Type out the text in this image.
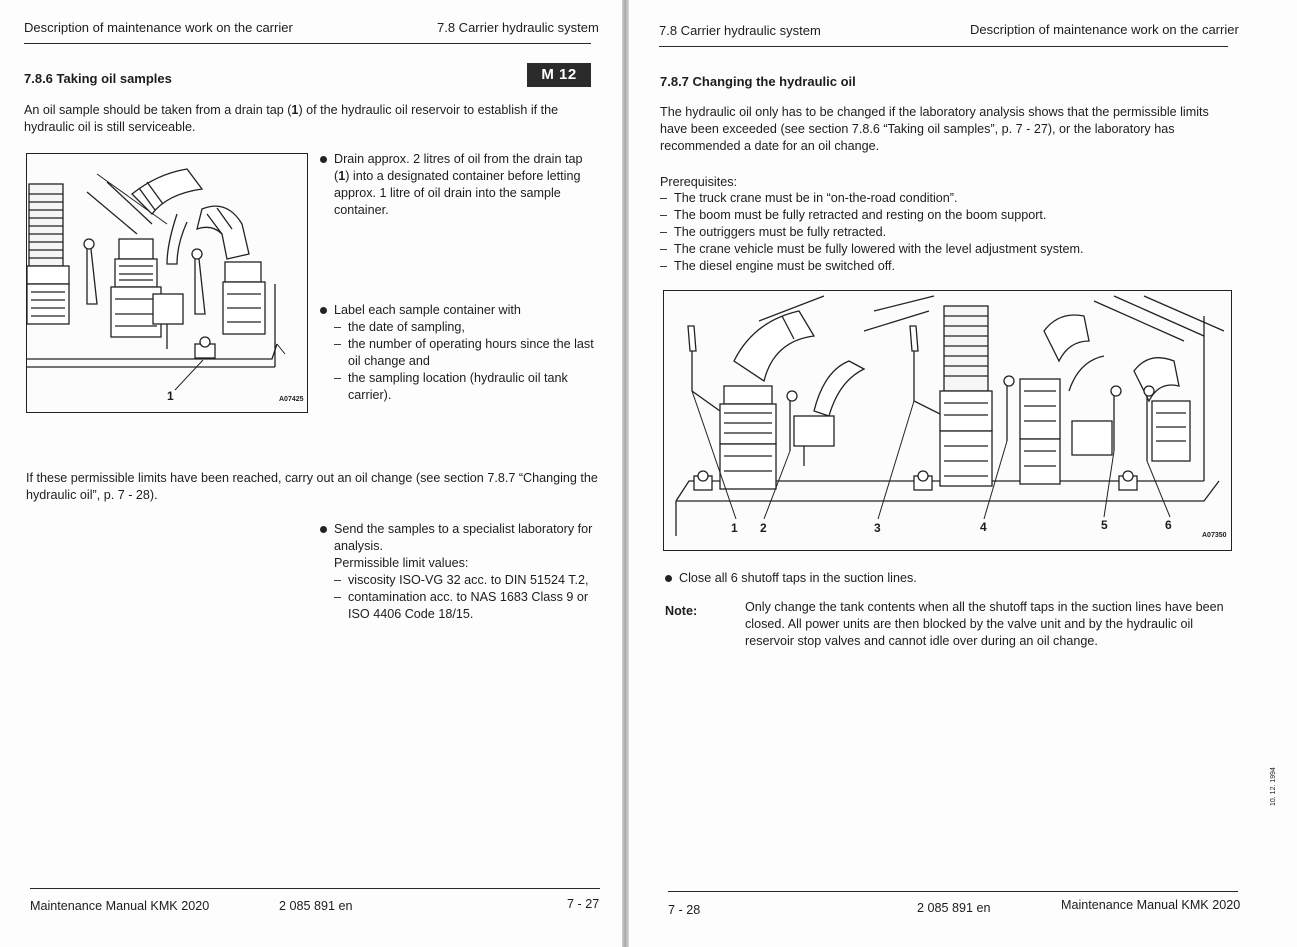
Description of maintenance work on the carrier	7.8 Carrier hydraulic system
7.8.6 Taking oil samples	M 12
An oil sample should be taken from a drain tap (1) of the hydraulic oil reservoir to establish if the hydraulic oil is still serviceable.
1	A07425
Drain approx. 2 litres of oil from the drain tap (1) into a designated container before letting approx. 1 litre of oil drain into the sample container.
Label each sample container with
– the date of sampling,
– the number of operating hours since the last oil change and
– the sampling location (hydraulic oil tank carrier).
Send the samples to a specialist laboratory for analysis.
Permissible limit values:
– viscosity ISO-VG 32 acc. to DIN 51524 T.2,
– contamination acc. to NAS 1683 Class 9 or ISO 4406 Code 18/15.
If these permissible limits have been reached, carry out an oil change (see section 7.8.7 “Changing the hydraulic oil”, p. 7 - 28).
Maintenance Manual KMK 2020	2 085 891 en	7 - 27
7.8 Carrier hydraulic system	Description of maintenance work on the carrier
7.8.7 Changing the hydraulic oil
The hydraulic oil only has to be changed if the laboratory analysis shows that the permissible limits have been exceeded (see section 7.8.6 “Taking oil samples”, p. 7 - 27), or the laboratory has recommended a date for an oil change.
Prerequisites:
– The truck crane must be in “on-the-road condition”.
– The boom must be fully retracted and resting on the boom support.
– The outriggers must be fully retracted.
– The crane vehicle must be fully lowered with the level adjustment system.
– The diesel engine must be switched off.
1 2	3	4	5	6
A07350
Close all 6 shutoff taps in the suction lines.
Note:	Only change the tank contents when all the shutoff taps in the suction lines have been closed. All power units are then blocked by the valve unit and by the hydraulic oil reservoir stop valves and cannot idle over during an oil change.
10. 12. 1994
7 - 28	2 085 891 en	Maintenance Manual KMK 2020
